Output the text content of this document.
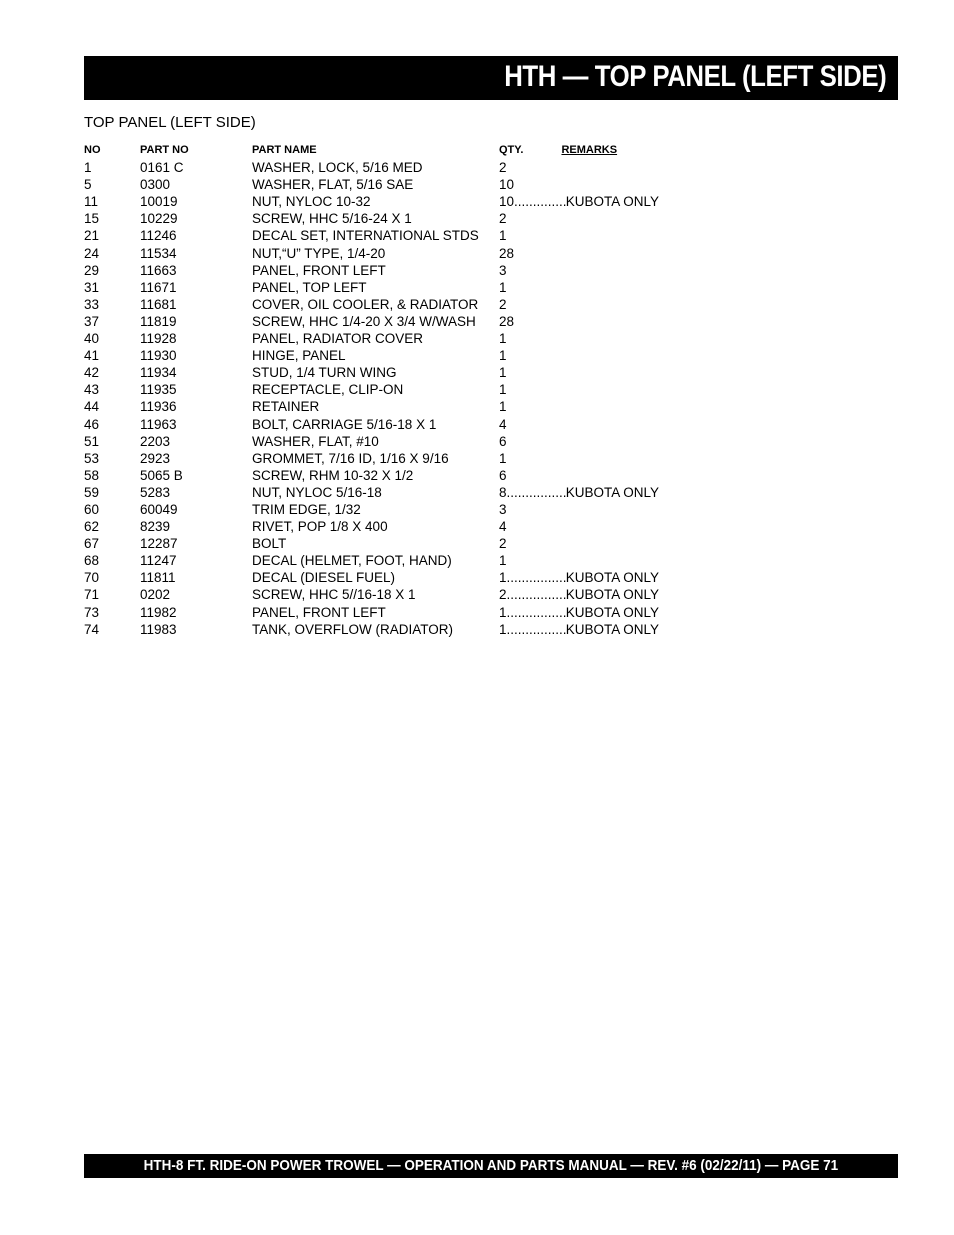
HTH — TOP PANEL (LEFT SIDE)
TOP PANEL (LEFT SIDE)
NO	PART NO	PART NAME	QTY. REMARKS
1	0161 C	WASHER, LOCK, 5/16 MED	2

5	0300	WASHER, FLAT, 5/16 SAE	10

11	10019	NUT, NYLOC 10-32	10 ..... KUBOTA ONLY

15	10229	SCREW, HHC 5/16-24 X 1	2

21	11246	DECAL SET, INTERNATIONAL STDS	1

24	11534	NUT,“U” TYPE, 1/4-20	28

29	11663	PANEL, FRONT LEFT	3

31	11671	PANEL, TOP LEFT	1

33	11681	COVER, OIL COOLER, & RADIATOR	2

37	11819	SCREW, HHC 1/4-20 X 3/4 W/WASH	28

40	11928	PANEL, RADIATOR COVER	1

41	11930	HINGE, PANEL	1

42	11934	STUD, 1/4 TURN WING	1

43	11935	RECEPTACLE, CLIP-ON	1

44	11936	RETAINER	1

46	11963	BOLT, CARRIAGE 5/16-18 X 1	4

51	2203	WASHER, FLAT, #10	6

53	2923	GROMMET, 7/16 ID, 1/16 X 9/16	1

58	5065 B	SCREW, RHM 10-32 X 1/2	6

59	5283	NUT, NYLOC 5/16-18	8 ..... KUBOTA ONLY

60	60049	TRIM EDGE, 1/32	3

62	8239	RIVET, POP 1/8 X 400	4

67	12287	BOLT	2

68	11247	DECAL (HELMET, FOOT, HAND)	1

70	11811	DECAL (DIESEL FUEL)	1 ..... KUBOTA ONLY

71	0202	SCREW, HHC 5//16-18 X 1	2 ..... KUBOTA ONLY

73	11982	PANEL, FRONT LEFT	1 ..... KUBOTA ONLY

74	11983	TANK, OVERFLOW (RADIATOR)	1 ..... KUBOTA ONLY
HTH-8 FT. RIDE-ON POWER TROWEL — OPERATION AND PARTS MANUAL — REV. #6 (02/22/11) — PAGE 71
